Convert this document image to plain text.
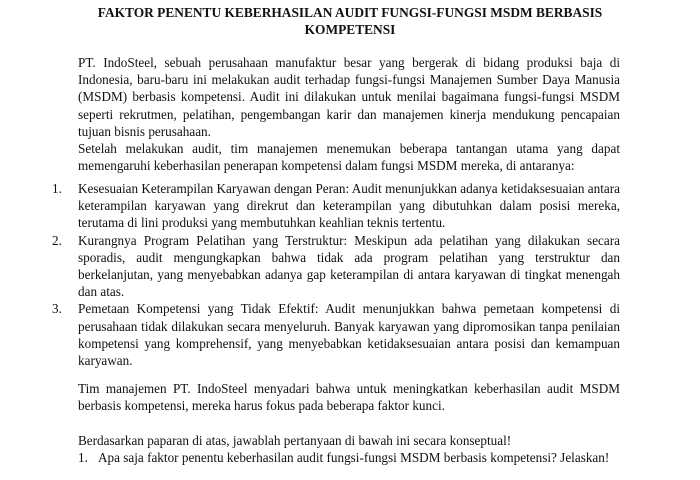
FAKTOR PENENTU KEBERHASILAN AUDIT FUNGSI-FUNGSI MSDM BERBASIS KOMPETENSI

PT. IndoSteel, sebuah perusahaan manufaktur besar yang bergerak di bidang produksi baja di Indonesia, baru-baru ini melakukan audit terhadap fungsi-fungsi Manajemen Sumber Daya Manusia (MSDM) berbasis kompetensi. Audit ini dilakukan untuk menilai bagaimana fungsi-fungsi MSDM seperti rekrutmen, pelatihan, pengembangan karir dan manajemen kinerja mendukung pencapaian tujuan bisnis perusahaan.

Setelah melakukan audit, tim manajemen menemukan beberapa tantangan utama yang dapat memengaruhi keberhasilan penerapan kompetensi dalam fungsi MSDM mereka, di antaranya:

1. Kesesuaian Keterampilan Karyawan dengan Peran: Audit menunjukkan adanya ketidaksesuaian antara keterampilan karyawan yang direkrut dan keterampilan yang dibutuhkan dalam posisi mereka, terutama di lini produksi yang membutuhkan keahlian teknis tertentu.
2. Kurangnya Program Pelatihan yang Terstruktur: Meskipun ada pelatihan yang dilakukan secara sporadis, audit mengungkapkan bahwa tidak ada program pelatihan yang terstruktur dan berkelanjutan, yang menyebabkan adanya gap keterampilan di antara karyawan di tingkat menengah dan atas.
3. Pemetaan Kompetensi yang Tidak Efektif: Audit menunjukkan bahwa pemetaan kompetensi di perusahaan tidak dilakukan secara menyeluruh. Banyak karyawan yang dipromosikan tanpa penilaian kompetensi yang komprehensif, yang menyebabkan ketidaksesuaian antara posisi dan kemampuan karyawan.

Tim manajemen PT. IndoSteel menyadari bahwa untuk meningkatkan keberhasilan audit MSDM berbasis kompetensi, mereka harus fokus pada beberapa faktor kunci.

Berdasarkan paparan di atas, jawablah pertanyaan di bawah ini secara konseptual!

1. Apa saja faktor penentu keberhasilan audit fungsi-fungsi MSDM berbasis kompetensi? Jelaskan!
